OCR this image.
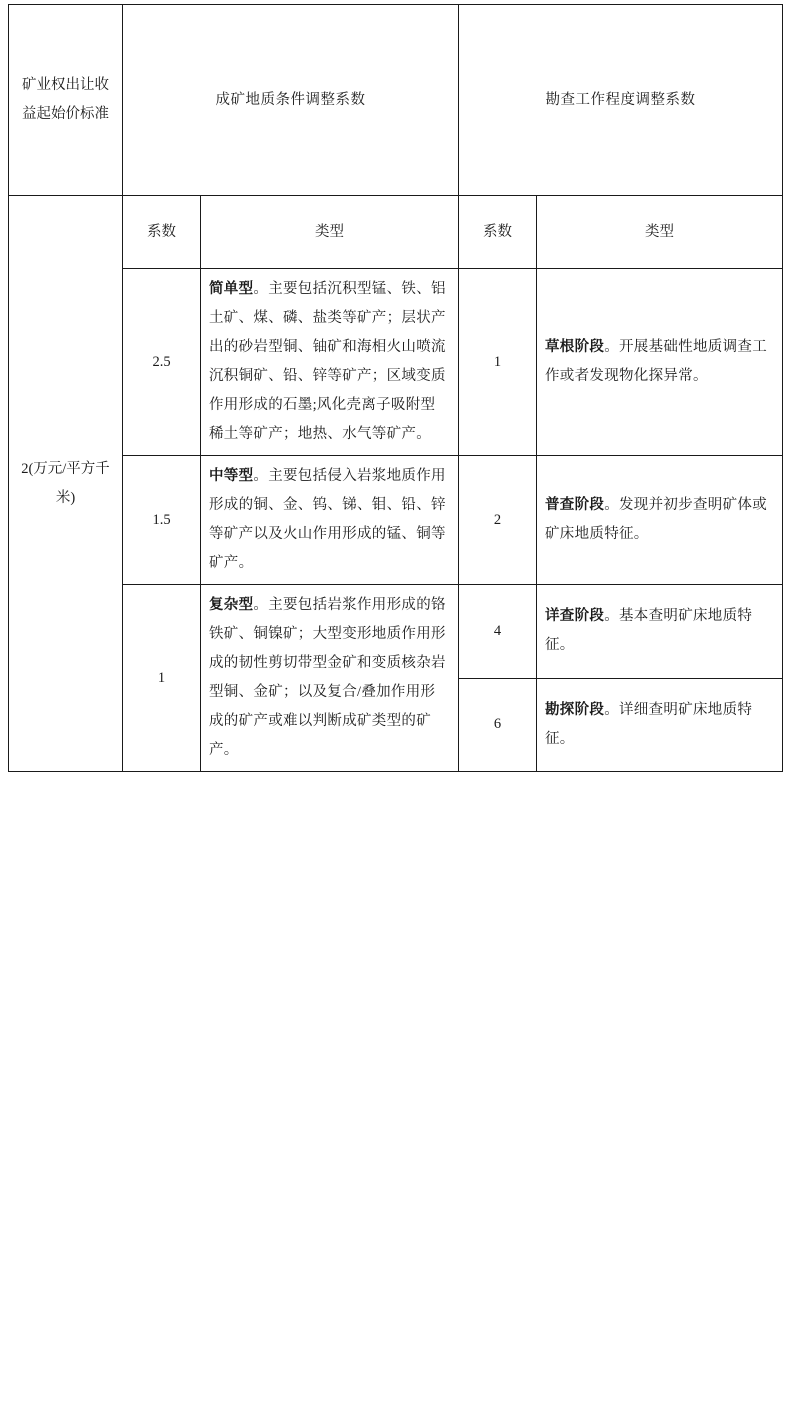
矿业权出让收益起始价标准	成矿地质条件调整系数		勘查工作程度调整系数	
2(万元/平方千米)	系数	类型	系数	类型
	2.5	简单型。主要包括沉积型锰、铁、铝土矿、煤、磷、盐类等矿产；层状产出的砂岩型铜、铀矿和海相火山喷流沉积铜矿、铅、锌等矿产；区域变质作用形成的石墨;风化壳离子吸附型稀土等矿产；地热、水气等矿产。	1	草根阶段。开展基础性地质调查工作或者发现物化探异常。
	1.5	中等型。主要包括侵入岩浆地质作用形成的铜、金、钨、锑、钼、铅、锌等矿产以及火山作用形成的锰、铜等矿产。	2	普查阶段。发现并初步查明矿体或矿床地质特征。
	1	复杂型。主要包括岩浆作用形成的铬铁矿、铜镍矿；大型变形地质作用形成的韧性剪切带型金矿和变质核杂岩型铜、金矿；以及复合/叠加作用形成的矿产或难以判断成矿类型的矿产。	4	详查阶段。基本查明矿床地质特征。
			6	勘探阶段。详细查明矿床地质特征。
